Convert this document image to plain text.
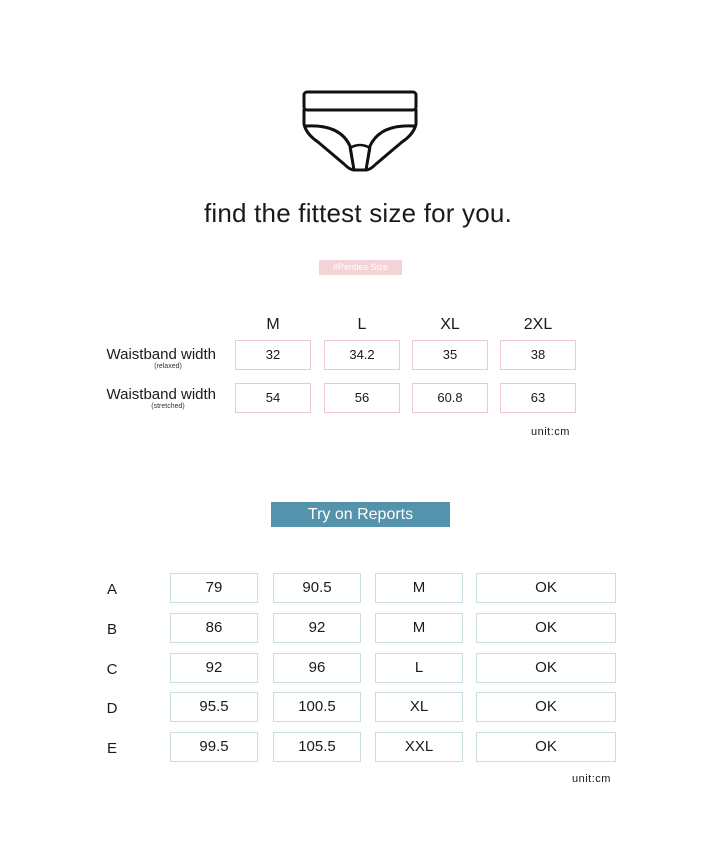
find the fittest size for you.
#Penties Size
M	L	XL	2XL
Waistband width
(relaxed)
32	34.2	35	38
Waistband width
(stretched)
54	56	60.8	63
unit:cm
Try on Reports
A	79	90.5	M	OK
B	86	92	M	OK
C	92	96	L	OK
D	95.5	100.5	XL	OK
E	99.5	105.5	XXL	OK
unit:cm
